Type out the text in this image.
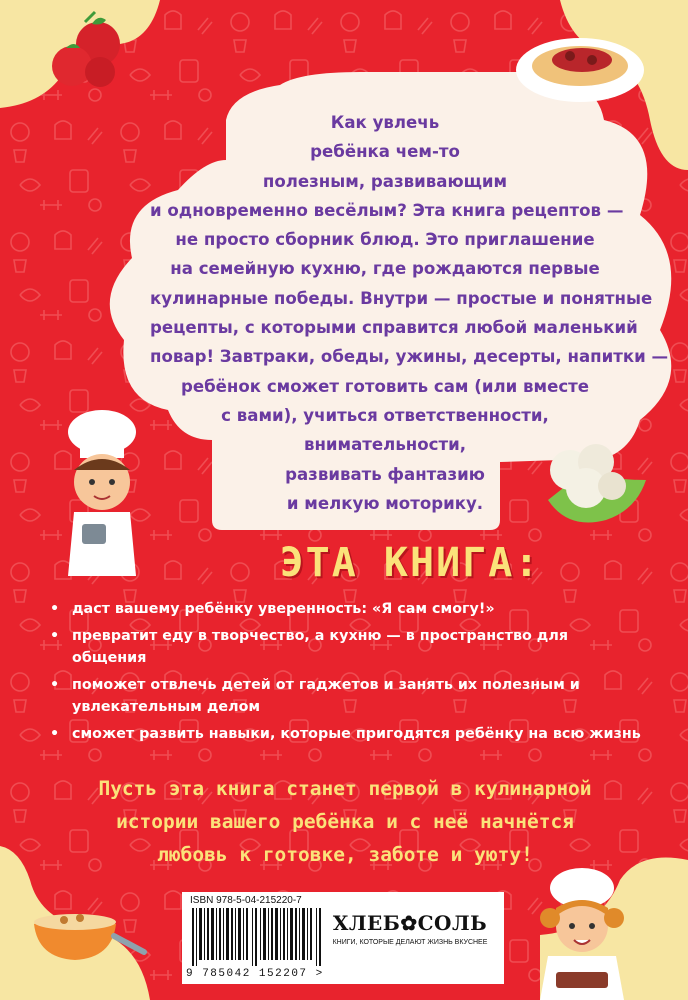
Как увлечь
ребёнка чем-то
полезным, развивающим
и одновременно весёлым? Эта книга рецептов —
не просто сборник блюд. Это приглашение
на семейную кухню, где рождаются первые
кулинарные победы. Внутри — простые и понятные
рецепты, с которыми справится любой маленький
повар! Завтраки, обеды, ужины, десерты, напитки —
ребёнок сможет готовить сам (или вместе
с вами), учиться ответственности,
внимательности,
развивать фантазию
и мелкую моторику.
ЭТА КНИГА:
• даст вашему ребёнку уверенность: «Я сам смогу!»
• превратит еду в творчество, а кухню — в пространство для общения
• поможет отвлечь детей от гаджетов и занять их полезным и увлекательным делом
• сможет развить навыки, которые пригодятся ребёнку на всю жизнь
Пусть эта книга станет первой в кулинарной
истории вашего ребёнка и с неё начнётся
любовь к готовке, заботе и уюту!
ISBN 978-5-04-215220-7
9 785042 152207 >
ХЛЕБ✿СОЛЬ
КНИГИ, КОТОРЫЕ ДЕЛАЮТ ЖИЗНЬ ВКУСНЕЕ
